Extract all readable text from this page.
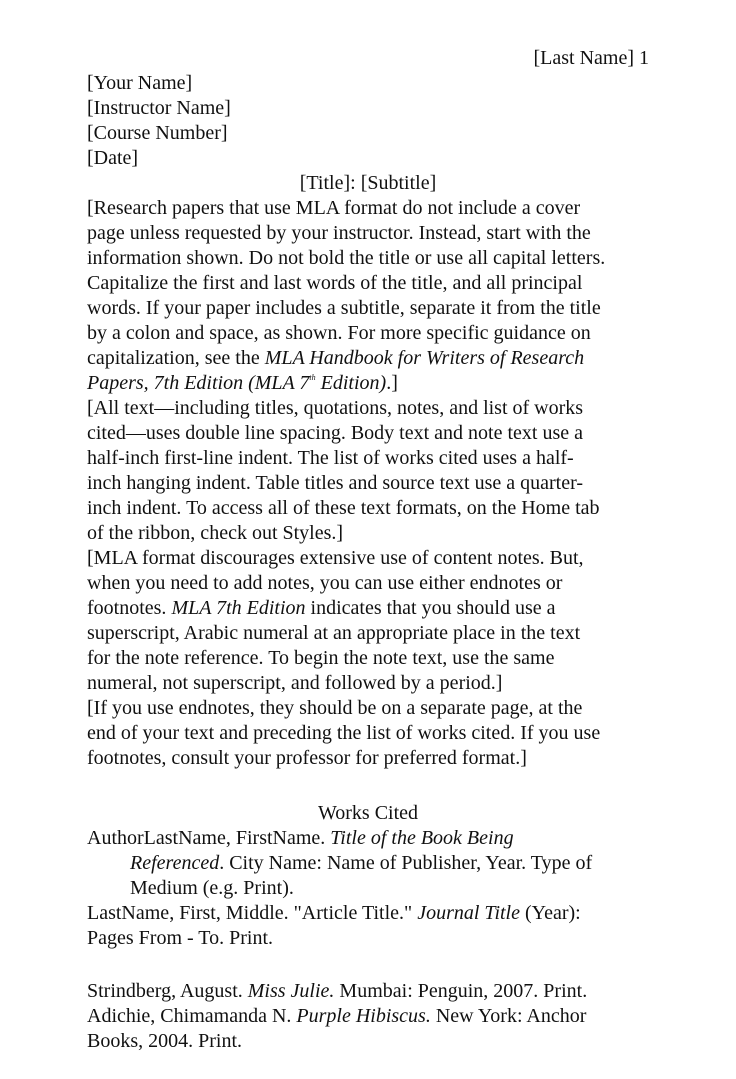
[Last Name] 1
[Your Name]
[Instructor Name]
[Course Number]
[Date]
[Title]: [Subtitle]
[Research papers that use MLA format do not include a cover
page unless requested by your instructor. Instead, start with the
information shown. Do not bold the title or use all capital letters.
Capitalize the first and last words of the title, and all principal
words. If your paper includes a subtitle, separate it from the title
by a colon and space, as shown. For more specific guidance on
capitalization, see the MLA Handbook for Writers of Research
Papers, 7th Edition (MLA 7th Edition).]
[All text—including titles, quotations, notes, and list of works
cited—uses double line spacing. Body text and note text use a
half-inch first-line indent. The list of works cited uses a half-
inch hanging indent. Table titles and source text use a quarter-
inch indent. To access all of these text formats, on the Home tab
of the ribbon, check out Styles.]
[MLA format discourages extensive use of content notes. But,
when you need to add notes, you can use either endnotes or
footnotes. MLA 7th Edition indicates that you should use a
superscript, Arabic numeral at an appropriate place in the text
for the note reference. To begin the note text, use the same
numeral, not superscript, and followed by a period.]
[If you use endnotes, they should be on a separate page, at the
end of your text and preceding the list of works cited. If you use
footnotes, consult your professor for preferred format.]
Works Cited
AuthorLastName, FirstName. Title of the Book Being
Referenced. City Name: Name of Publisher, Year. Type of
Medium (e.g. Print).
LastName, First, Middle. "Article Title." Journal Title (Year):
Pages From - To. Print.
Strindberg, August. Miss Julie. Mumbai: Penguin, 2007. Print.
Adichie, Chimamanda N. Purple Hibiscus. New York: Anchor
Books, 2004. Print.
